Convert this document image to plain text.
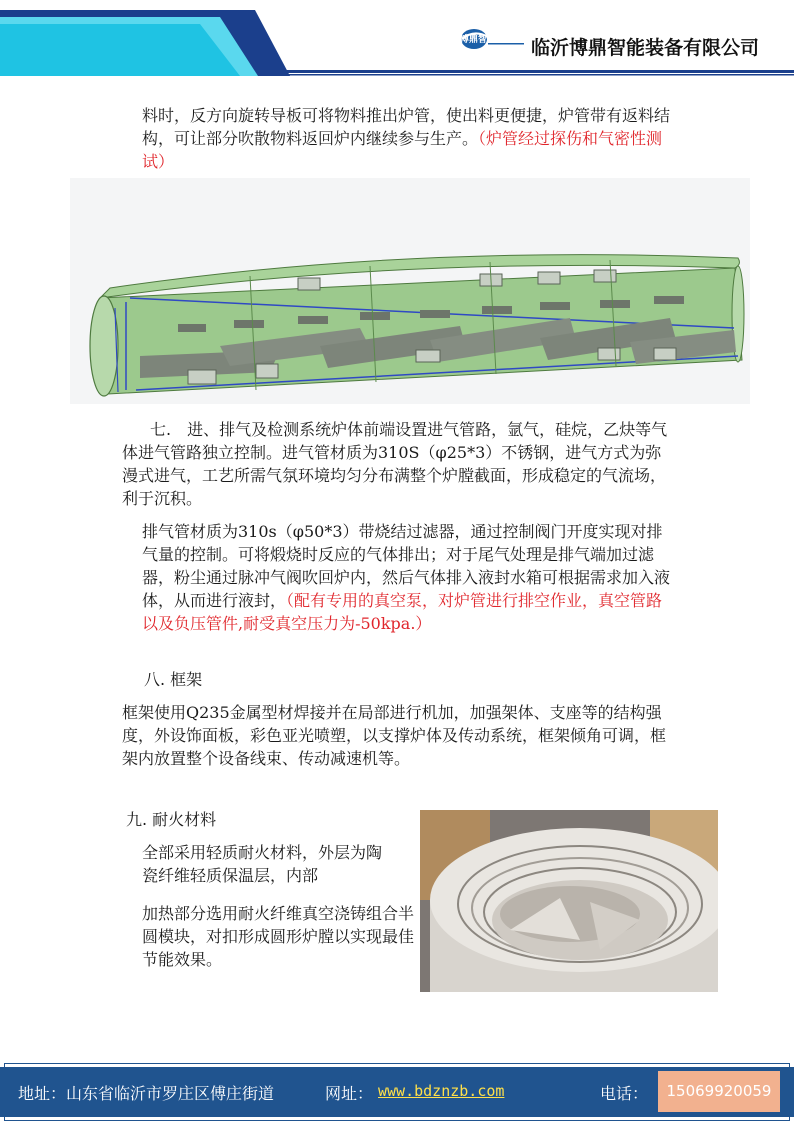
博鼎智能 临沂博鼎智能装备有限公司

料时，反方向旋转导板可将物料推出炉管，使出料更便捷，炉管带有返料结构，可让部分吹散物料返回炉内继续参与生产。（炉管经过探伤和气密性测试）

七.　进、排气及检测系统炉体前端设置进气管路，氩气，硅烷，乙炔等气体进气管路独立控制。进气管材质为310S（φ25*3）不锈钢，进气方式为弥漫式进气，工艺所需气氛环境均匀分布满整个炉膛截面，形成稳定的气流场，利于沉积。

排气管材质为310s（φ50*3）带烧结过滤器，通过控制阀门开度实现对排气量的控制。可将煅烧时反应的气体排出；对于尾气处理是排气端加过滤器，粉尘通过脉冲气阀吹回炉内，然后气体排入液封水箱可根据需求加入液体，从而进行液封，（配有专用的真空泵，对炉管进行排空作业，真空管路以及负压管件,耐受真空压力为-50kpa.）

八. 框架

框架使用Q235金属型材焊接并在局部进行机加，加强架体、支座等的结构强度，外设饰面板，彩色亚光喷塑，以支撑炉体及传动系统，框架倾角可调，框架内放置整个设备线束、传动减速机等。

九. 耐火材料

全部采用轻质耐火材料，外层为陶瓷纤维轻质保温层，内部

加热部分选用耐火纤维真空浇铸组合半圆模块，对扣形成圆形炉膛以实现最佳节能效果。

地址：山东省临沂市罗庄区傅庄街道	网址： www.bdznzb.com	电话：	15069920059
